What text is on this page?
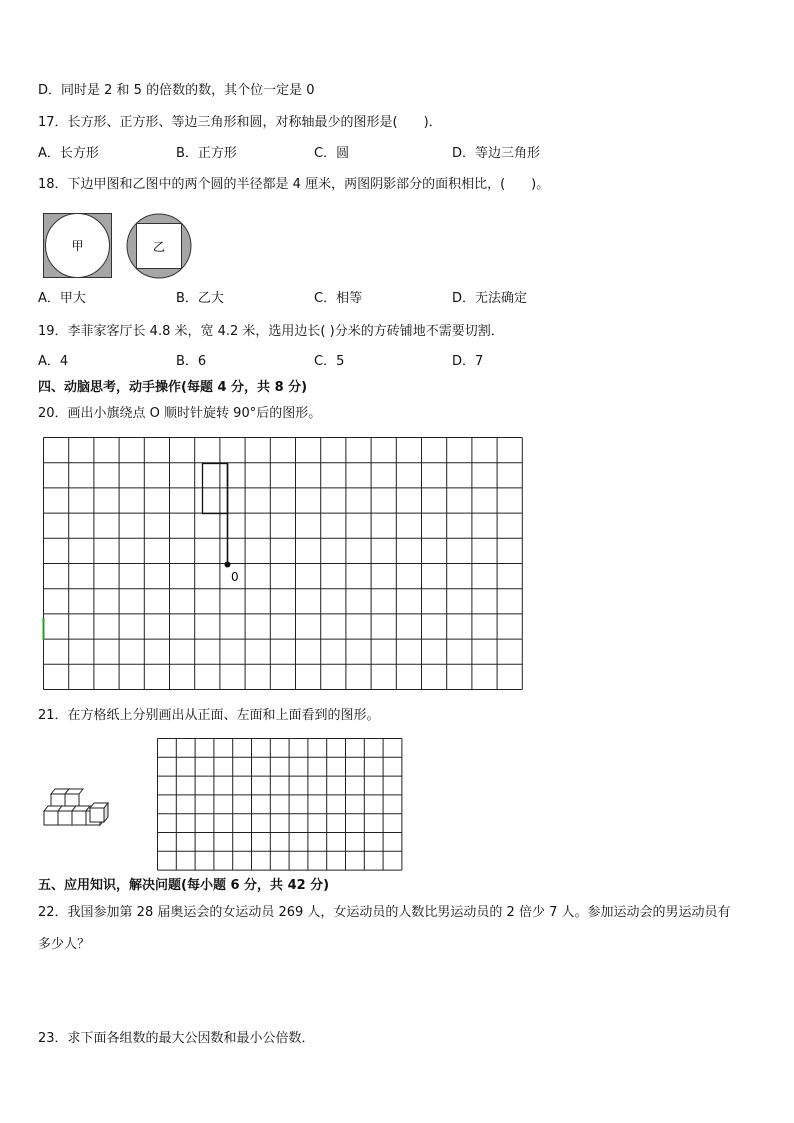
D．同时是 2 和 5 的倍数的数，其个位一定是 0
17．长方形、正方形、等边三角形和圆，对称轴最少的图形是(　　)．
A．长方形	B．正方形	C．圆	D．等边三角形
18．下边甲图和乙图中的两个圆的半径都是 4 厘米，两图阴影部分的面积相比，(　　)。
甲	乙
A．甲大	B．乙大	C．相等	D．无法确定
19．李菲家客厅长 4.8 米，宽 4.2 米，选用边长( )分米的方砖铺地不需要切割．
A．4	B．6	C．5	D．7
四、动脑思考，动手操作(每题 4 分，共 8 分)
20．画出小旗绕点 O 顺时针旋转 90°后的图形。
0
21．在方格纸上分别画出从正面、左面和上面看到的图形。
五、应用知识，解决问题(每小题 6 分，共 42 分)
22．我国参加第 28 届奥运会的女运动员 269 人，女运动员的人数比男运动员的 2 倍少 7 人。参加运动会的男运动员有
多少人？
23．求下面各组数的最大公因数和最小公倍数．
